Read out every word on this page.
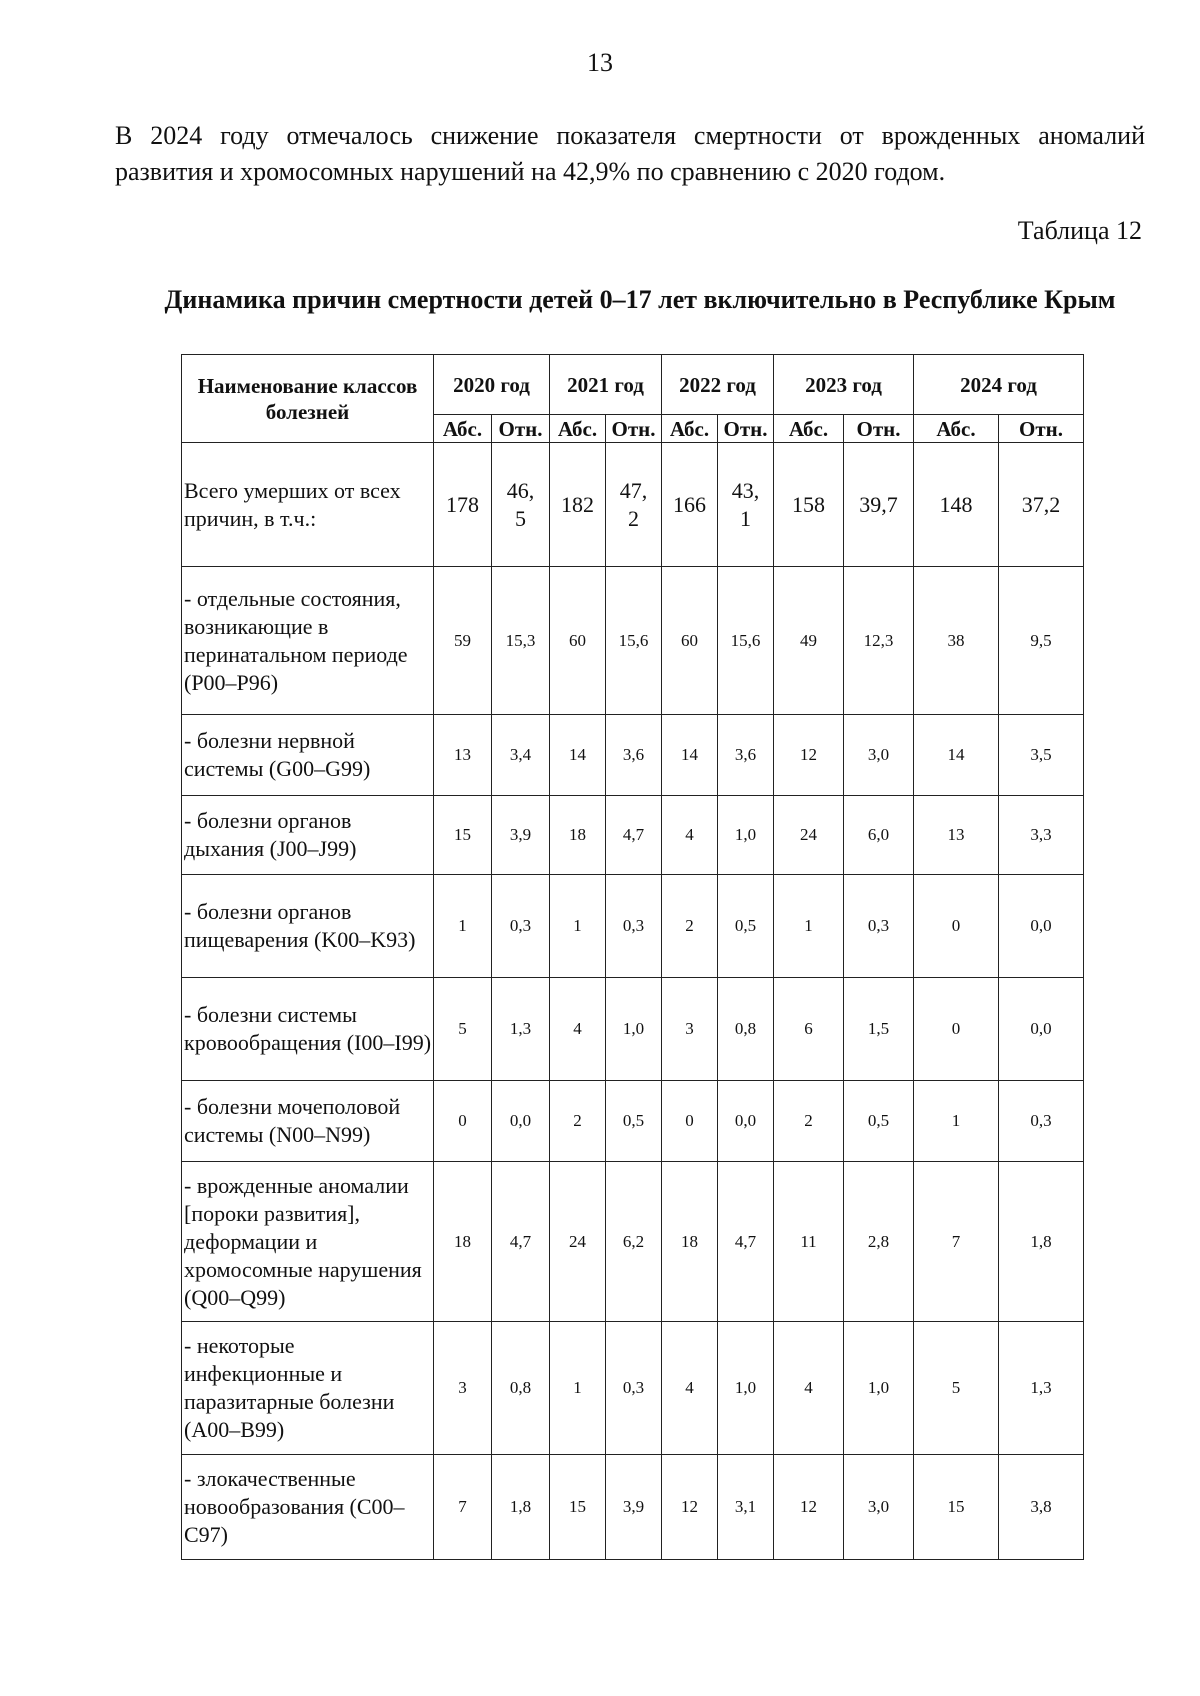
13
В 2024 году отмечалось снижение показателя смертности от врожденных аномалий развития и хромосомных нарушений на 42,9% по сравнению с 2020 годом.
Таблица 12
Динамика причин смертности детей 0–17 лет включительно в Республике Крым
Наименование классов болезней	2020 год		2021 год		2022 год		2023 год		2024 год	
	Абс.	Отн.	Абс.	Отн.	Абс.	Отн.	Абс.	Отн.	Абс.	Отн.
Всего умерших от всех причин, в т.ч.:	178	46,5	182	47,2	166	43,1	158	39,7	148	37,2
- отдельные состояния, возникающие в перинатальном периоде (P00–P96)	59	15,3	60	15,6	60	15,6	49	12,3	38	9,5
- болезни нервной системы (G00–G99)	13	3,4	14	3,6	14	3,6	12	3,0	14	3,5
- болезни органов дыхания (J00–J99)	15	3,9	18	4,7	4	1,0	24	6,0	13	3,3
- болезни органов пищеварения (K00–K93)	1	0,3	1	0,3	2	0,5	1	0,3	0	0,0
- болезни системы кровообращения (I00–I99)	5	1,3	4	1,0	3	0,8	6	1,5	0	0,0
- болезни мочеполовой системы (N00–N99)	0	0,0	2	0,5	0	0,0	2	0,5	1	0,3
- врожденные аномалии [пороки развития], деформации и хромосомные нарушения (Q00–Q99)	18	4,7	24	6,2	18	4,7	11	2,8	7	1,8
- некоторые инфекционные и паразитарные болезни (A00–B99)	3	0,8	1	0,3	4	1,0	4	1,0	5	1,3
- злокачественные новообразования (C00–C97)	7	1,8	15	3,9	12	3,1	12	3,0	15	3,8
